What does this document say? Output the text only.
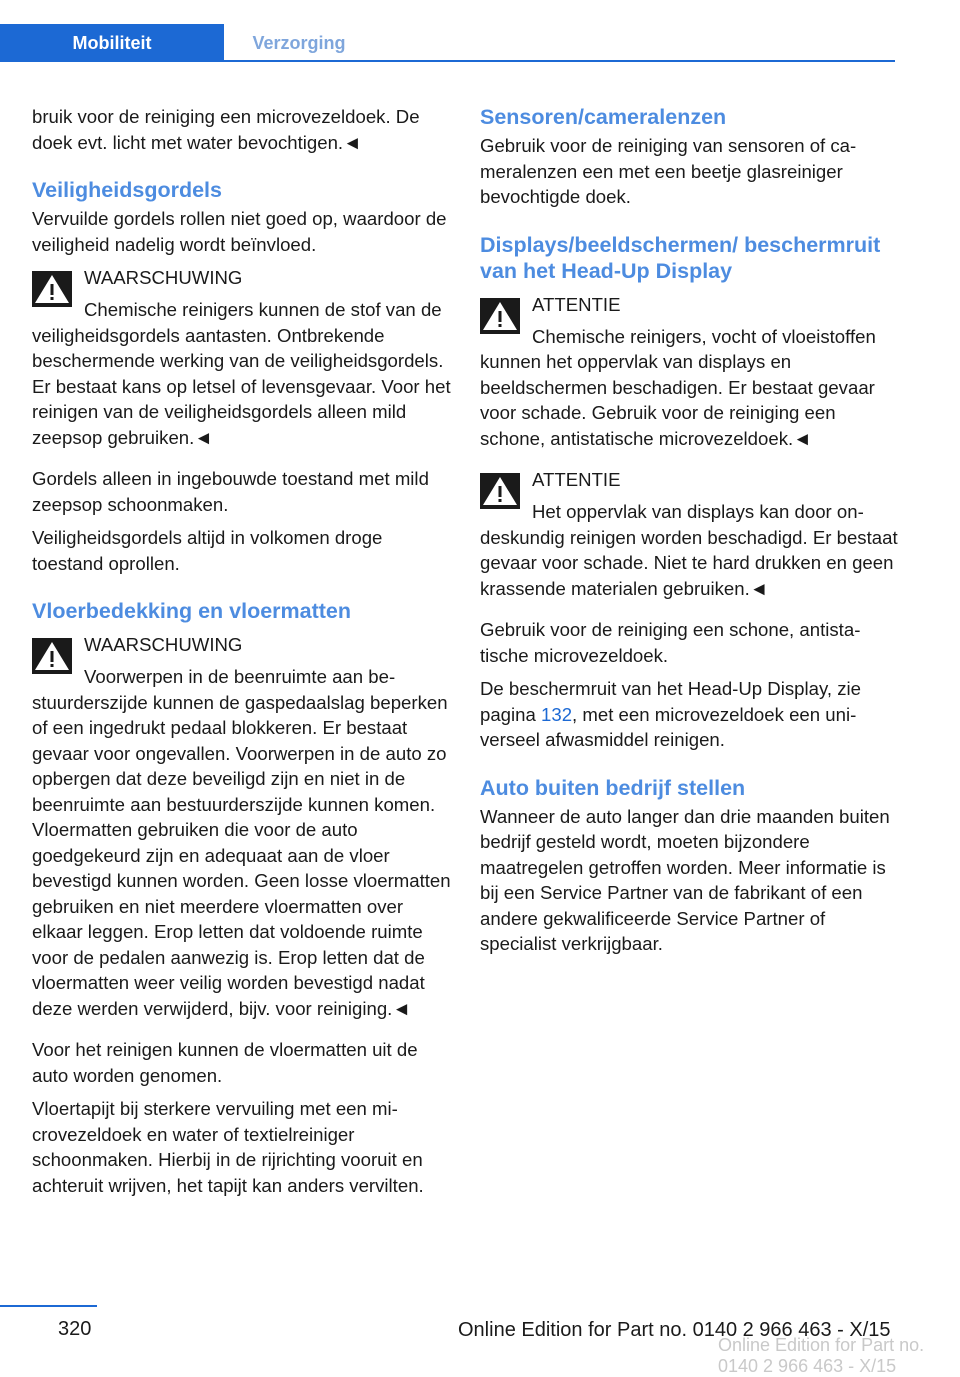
Mobiliteit	Verzorging

bruik voor de reiniging een microvezeldoek. De doek evt. licht met water bevochtigen.◄

Veiligheidsgordels

Vervuilde gordels rollen niet goed op, waardoor de veiligheid nadelig wordt beïnvloed.

WAARSCHUWING

Chemische reinigers kunnen de stof van de veiligheidsgordels aantasten. Ontbrekende beschermende werking van de veiligheidsgordels. Er bestaat kans op letsel of levensgevaar. Voor het reinigen van de veiligheidsgordels alleen mild zeepsop gebruiken.◄

Gordels alleen in ingebouwde toestand met mild zeepsop schoonmaken.

Veiligheidsgordels altijd in volkomen droge toestand oprollen.

Vloerbedekking en vloermatten
WAARSCHUWING

Voorwerpen in de beenruimte aan bestuurderszijde kunnen de gaspedaalslag beperken of een ingedrukt pedaal blokkeren. Er bestaat gevaar voor ongevallen. Voorwerpen in de auto zo opbergen dat deze beveiligd zijn en niet in de beenruimte aan bestuurderszijde kunnen komen. Vloermatten gebruiken die voor de auto goedgekeurd zijn en adequaat aan de vloer bevestigd kunnen worden. Geen losse vloermatten gebruiken en niet meerdere vloermatten over elkaar leggen. Erop letten dat voldoende ruimte voor de pedalen aanwezig is. Erop letten dat de vloermatten weer veilig worden bevestigd nadat deze werden verwijderd, bijv. voor reiniging.◄

Voor het reinigen kunnen de vloermatten uit de auto worden genomen.

Vloertapijt bij sterkere vervuiling met een microvezeldoek en water of textielreiniger schoonmaken. Hierbij in de rijrichting vooruit en achteruit wrijven, het tapijt kan anders vervilten.

Sensoren/cameralenzen

Gebruik voor de reiniging van sensoren of cameralenzen een met een beetje glasreiniger bevochtigde doek.

Displays/beeldschermen/ beschermruit van het Head-Up Display
ATTENTIE

Chemische reinigers, vocht of vloeistoffen kunnen het oppervlak van displays en beeldschermen beschadigen. Er bestaat gevaar voor schade. Gebruik voor de reiniging een schone, antistatische microvezeldoek.◄

ATTENTIE

Het oppervlak van displays kan door ondeskundig reinigen worden beschadigd. Er bestaat gevaar voor schade. Niet te hard drukken en geen krassende materialen gebruiken.◄

Gebruik voor de reiniging een schone, antistatische microvezeldoek.

De beschermruit van het Head-Up Display, zie pagina 132, met een microvezeldoek een universeel afwasmiddel reinigen.

Auto buiten bedrijf stellen

Wanneer de auto langer dan drie maanden buiten bedrijf gesteld wordt, moeten bijzondere maatregelen getroffen worden. Meer informatie is bij een Service Partner van de fabrikant of een andere gekwalificeerde Service Partner of specialist verkrijgbaar.

320	Online Edition for Part no. 0140 2 966 463 - X/15
Online Edition for Part no. 0140 2 966 463 - X/15
